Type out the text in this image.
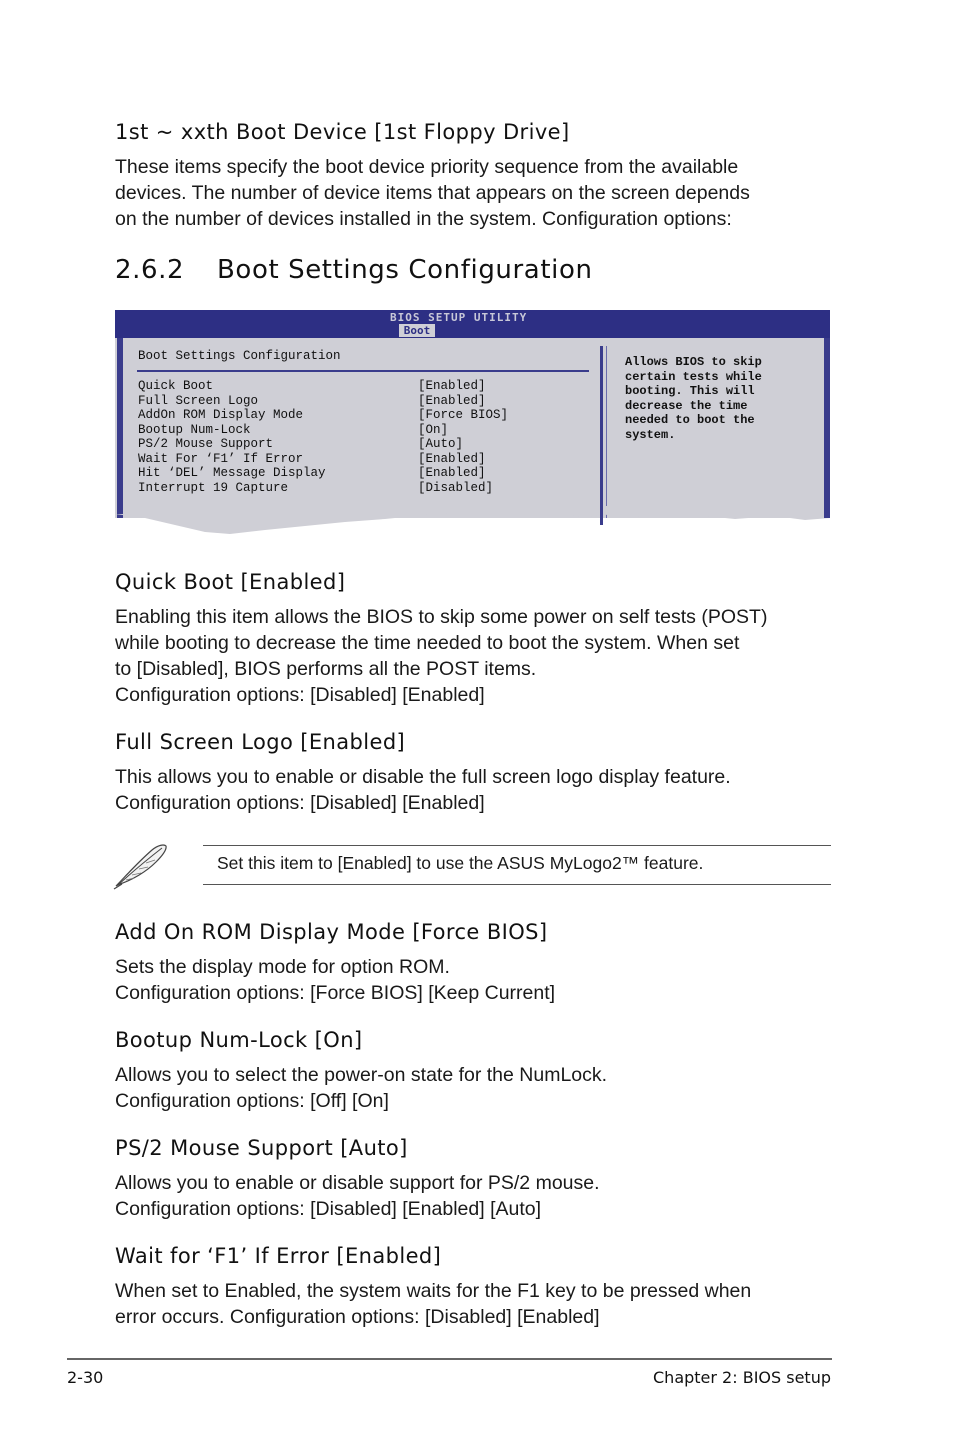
1st ~ xxth Boot Device [1st Floppy Drive]

These items specify the boot device priority sequence from the available
devices. The number of device items that appears on the screen depends
on the number of devices installed in the system. Configuration options:

2.6.2 Boot Settings Configuration
BIOS SETUP UTILITY
Boot
Boot Settings Configuration
Quick Boot	[Enabled]
Full Screen Logo	[Enabled]
AddOn ROM Display Mode	[Force BIOS]
Bootup Num-Lock	[On]
PS/2 Mouse Support	[Auto]
Wait For ‘F1’ If Error	[Enabled]
Hit ‘DEL’ Message Display	[Enabled]
Interrupt 19 Capture	[Disabled]
Allows BIOS to skip
certain tests while
booting. This will
decrease the time
needed to boot the
system.
Quick Boot [Enabled]

Enabling this item allows the BIOS to skip some power on self tests (POST)
while booting to decrease the time needed to boot the system. When set
to [Disabled], BIOS performs all the POST items.
Configuration options: [Disabled] [Enabled]

Full Screen Logo [Enabled]

This allows you to enable or disable the full screen logo display feature.
Configuration options: [Disabled] [Enabled]

Set this item to [Enabled] to use the ASUS MyLogo2™ feature.
Add On ROM Display Mode [Force BIOS]

Sets the display mode for option ROM.
Configuration options: [Force BIOS] [Keep Current]

Bootup Num-Lock [On]

Allows you to select the power-on state for the NumLock.
Configuration options: [Off] [On]

PS/2 Mouse Support [Auto]

Allows you to enable or disable support for PS/2 mouse.
Configuration options: [Disabled] [Enabled] [Auto]

Wait for ‘F1’ If Error [Enabled]

When set to Enabled, the system waits for the F1 key to be pressed when
error occurs. Configuration options: [Disabled] [Enabled]

2-30	Chapter 2: BIOS setup
